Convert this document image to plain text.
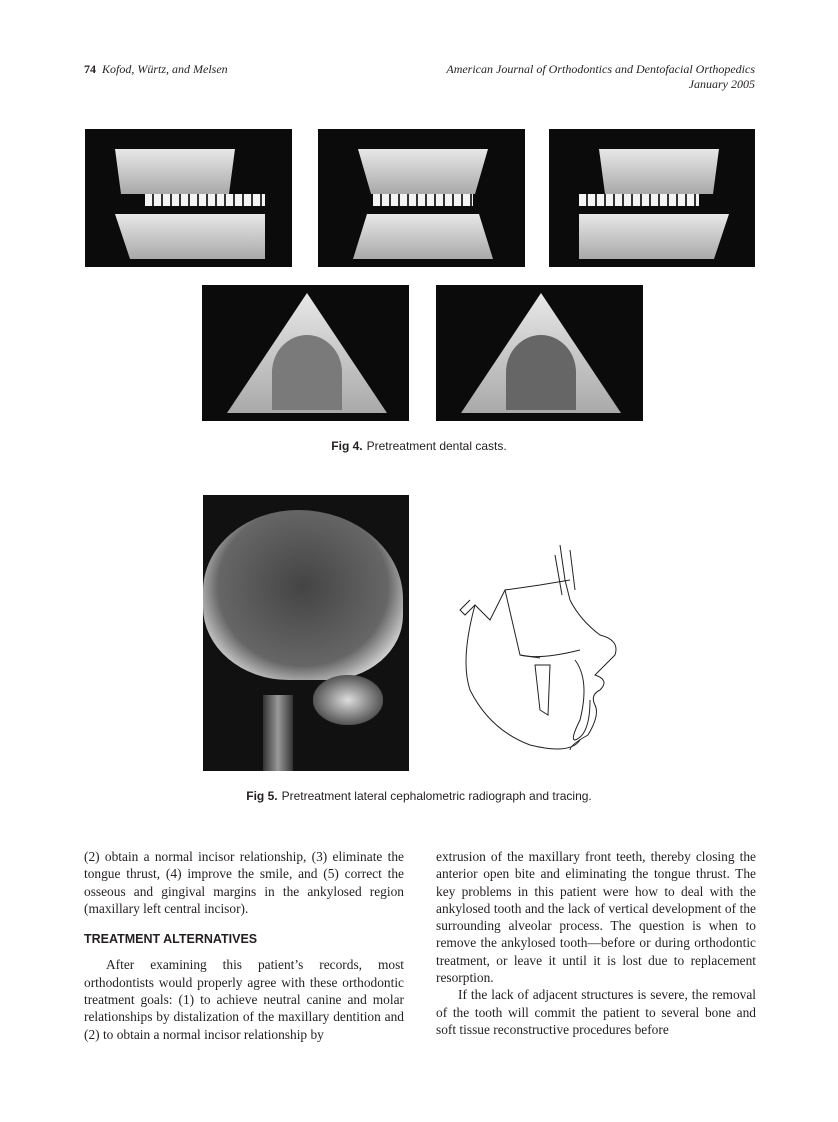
74 Kofod, Würtz, and Melsen	American Journal of Orthodontics and Dentofacial Orthopedics
January 2005
Fig 4. Pretreatment dental casts.
Fig 5. Pretreatment lateral cephalometric radiograph and tracing.

(2) obtain a normal incisor relationship, (3) eliminate the tongue thrust, (4) improve the smile, and (5) correct the osseous and gingival margins in the ankylosed region (maxillary left central incisor).

TREATMENT ALTERNATIVES

After examining this patient’s records, most orthodontists would properly agree with these orthodontic treatment goals: (1) to achieve neutral canine and molar relationships by distalization of the maxillary dentition and (2) to obtain a normal incisor relationship by

extrusion of the maxillary front teeth, thereby closing the anterior open bite and eliminating the tongue thrust. The key problems in this patient were how to deal with the ankylosed tooth and the lack of vertical development of the surrounding alveolar process. The question is when to remove the ankylosed tooth—before or during orthodontic treatment, or leave it until it is lost due to replacement resorption.

If the lack of adjacent structures is severe, the removal of the tooth will commit the patient to several bone and soft tissue reconstructive procedures before
